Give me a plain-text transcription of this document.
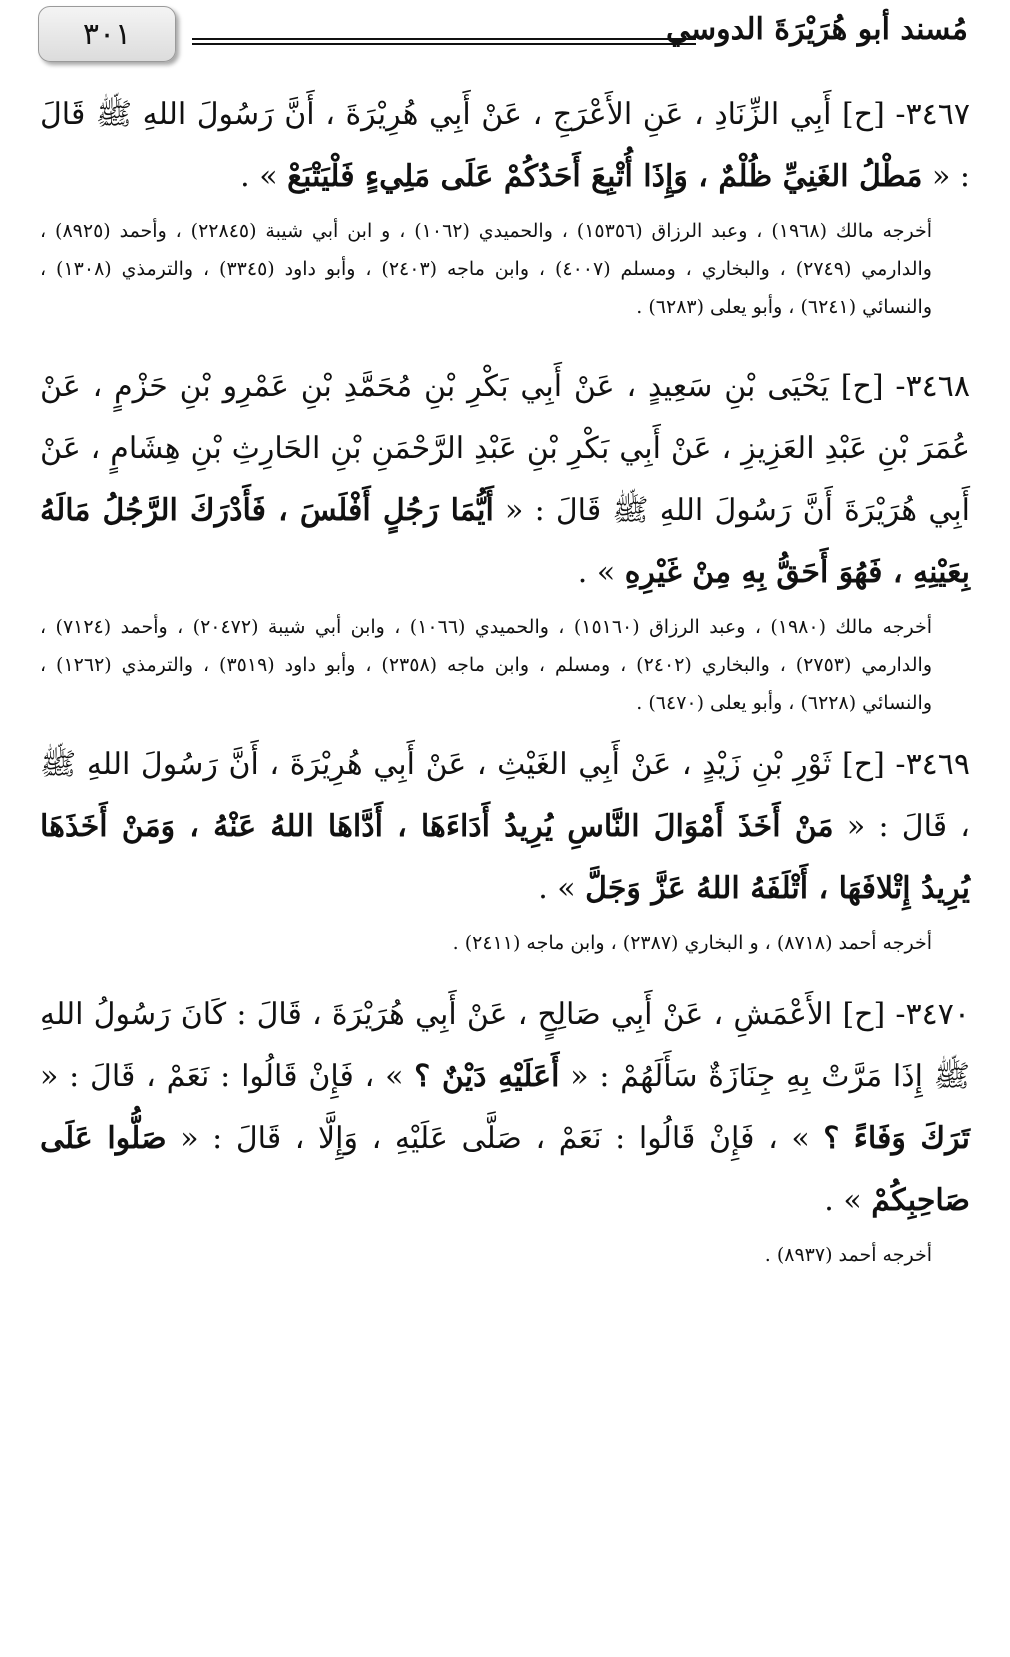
٣٠١	مُسند أبو هُرَيْرَةَ الدوسي

٣٤٦٧- [ح] أَبِي الزِّنَادِ ، عَنِ الأَعْرَجِ ، عَنْ أَبِي هُرِيْرَةَ ، أَنَّ رَسُولَ اللهِ ﷺ قَالَ : « مَطْلُ الغَنِيِّ ظُلْمٌ ، وَإِذَا أُتْبِعَ أَحَدُكُمْ عَلَى مَلِيءٍ فَلْيَتْبَعْ » .

أخرجه مالك (١٩٦٨) ، وعبد الرزاق (١٥٣٥٦) ، والحميدي (١٠٦٢) ، و ابن أبي شيبة (٢٢٨٤٥) ، وأحمد (٨٩٢٥) ، والدارمي (٢٧٤٩) ، والبخاري ، ومسلم (٤٠٠٧) ، وابن ماجه (٢٤٠٣) ، وأبو داود (٣٣٤٥) ، والترمذي (١٣٠٨) ، والنسائي (٦٢٤١) ، وأبو يعلى (٦٢٨٣) .

٣٤٦٨- [ح] يَحْيَى بْنِ سَعِيدٍ ، عَنْ أَبِي بَكْرِ بْنِ مُحَمَّدِ بْنِ عَمْرِو بْنِ حَزْمٍ ، عَنْ عُمَرَ بْنِ عَبْدِ العَزِيزِ ، عَنْ أَبِي بَكْرِ بْنِ عَبْدِ الرَّحْمَنِ بْنِ الحَارِثِ بْنِ هِشَامٍ ، عَنْ أَبِي هُرَيْرَةَ أَنَّ رَسُولَ اللهِ ﷺ قَالَ : « أَيُّمَا رَجُلٍ أَفْلَسَ ، فَأَدْرَكَ الرَّجُلُ مَالَهُ بِعَيْنِهِ ، فَهُوَ أَحَقُّ بِهِ مِنْ غَيْرِهِ » .

أخرجه مالك (١٩٨٠) ، وعبد الرزاق (١٥١٦٠) ، والحميدي (١٠٦٦) ، وابن أبي شيبة (٢٠٤٧٢) ، وأحمد (٧١٢٤) ، والدارمي (٢٧٥٣) ، والبخاري (٢٤٠٢) ، ومسلم ، وابن ماجه (٢٣٥٨) ، وأبو داود (٣٥١٩) ، والترمذي (١٢٦٢) ، والنسائي (٦٢٢٨) ، وأبو يعلى (٦٤٧٠) .

٣٤٦٩- [ح] ثَوْرِ بْنِ زَيْدٍ ، عَنْ أَبِي الغَيْثِ ، عَنْ أَبِي هُرِيْرَةَ ، أَنَّ رَسُولَ اللهِ ﷺ ، قَالَ : « مَنْ أَخَذَ أَمْوَالَ النَّاسِ يُرِيدُ أَدَاءَهَا ، أَدَّاهَا اللهُ عَنْهُ ، وَمَنْ أَخَذَهَا يُرِيدُ إِتْلافَهَا ، أَتْلَفَهُ اللهُ عَزَّ وَجَلَّ » .

أخرجه أحمد (٨٧١٨) ، و البخاري (٢٣٨٧) ، وابن ماجه (٢٤١١) .

٣٤٧٠- [ح] الأَعْمَشِ ، عَنْ أَبِي صَالِحٍ ، عَنْ أَبِي هُرَيْرَةَ ، قَالَ : كَانَ رَسُولُ اللهِ ﷺ إِذَا مَرَّتْ بِهِ جِنَازَةٌ سَأَلَهُمْ : « أَعَلَيْهِ دَيْنٌ ؟ » ، فَإِنْ قَالُوا : نَعَمْ ، قَالَ : « تَرَكَ وَفَاءً ؟ » ، فَإِنْ قَالُوا : نَعَمْ ، صَلَّى عَلَيْهِ ، وَإِلَّا ، قَالَ : « صَلُّوا عَلَى صَاحِبِكُمْ » .

أخرجه أحمد (٨٩٣٧) .
